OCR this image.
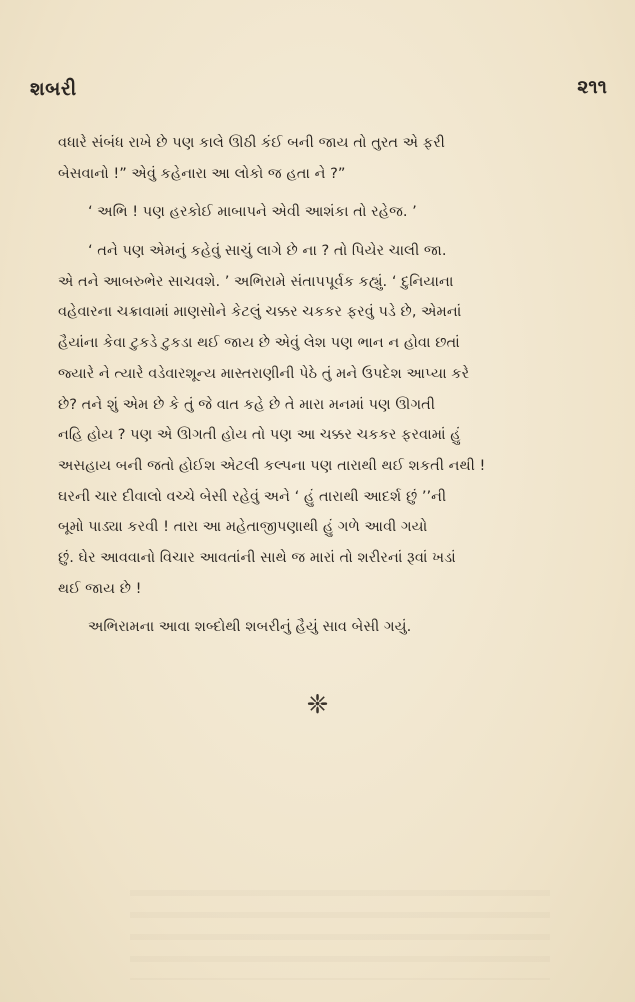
શબરી	૨૧૧
વધારે સંબંધ રાખે છે પણ કાલે ઊઠી કંઈ બની જાય તો તુરત એ ફરી
બેસવાનો !” એવું કહેનારા આ લોકો જ હતા ને ?”
‘ અભિ ! પણ હરકોઈ માબાપને એવી આશંકા તો રહેજ. ’
‘ તને પણ એમનું કહેવું સાચું લાગે છે ના ? તો પિયેર ચાલી જા.
એ તને આબરુભેર સાચવશે. ’ અભિરામે સંતાપપૂર્વક કહ્યું. ‘ દુનિયાના
વહેવારના ચક્રાવામાં માણસોને કેટલું ચક્કર ચકકર ફરવું પડે છે, એમનાં
હૈયાંના કેવા ટુકડે ટુકડા થઈ જાય છે એવું લેશ પણ ભાન ન હોવા છતાં
જ્યારે ને ત્યારે વડેવારશૂન્ય માસ્તરાણીની પેઠે તું મને ઉપદેશ આપ્યા કરે
છે? તને શું એમ છે કે તું જે વાત કહે છે તે મારા મનમાં પણ ઊગતી
નહિ હોય ? પણ એ ઊગતી હોય તો પણ આ ચક્કર ચકકર ફરવામાં હું
અસહાય બની જતો હોઈશ એટલી કલ્પના પણ તારાથી થઈ શકતી નથી !
ઘરની ચાર દીવાલો વચ્ચે બેસી રહેવું અને ‘ હું તારાથી આદર્શ છું ’’ની
બૂમો પાડ્યા કરવી ! તારા આ મહેતાજીપણાથી હું ગળે આવી ગયો
છું. ઘેર આવવાનો વિચાર આવતાંની સાથે જ મારાં તો શરીરનાં રૂવાં ખડાં
થઈ જાય છે !
અભિરામના આવા શબ્દોથી શબરીનું હૈયું સાવ બેસી ગયું.
❈
